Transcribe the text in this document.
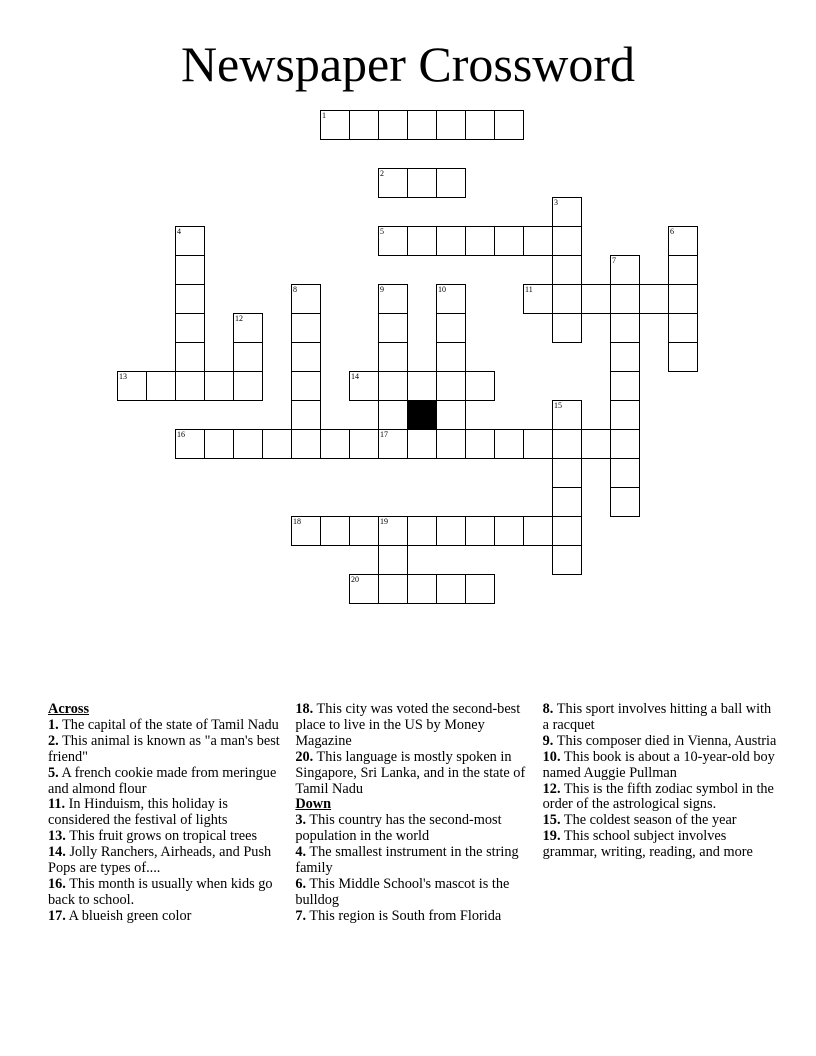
Newspaper Crossword
1
2
3
5
4	6
7
8	9	10	11
12
13	14
15
16	17
18	19
20
Across
1. The capital of the state of Tamil Nadu
2. This animal is known as "a man's best friend"
5. A french cookie made from meringue and almond flour
11. In Hinduism, this holiday is considered the festival of lights
13. This fruit grows on tropical trees
14. Jolly Ranchers, Airheads, and Push Pops are types of....
16. This month is usually when kids go back to school.
17. A blueish green color
18. This city was voted the second-best place to live in the US by Money Magazine
20. This language is mostly spoken in Singapore, Sri Lanka, and in the state of Tamil Nadu
Down
3. This country has the second-most population in the world
4. The smallest instrument in the string family
6. This Middle School's mascot is the bulldog
7. This region is South from Florida
8. This sport involves hitting a ball with a racquet
9. This composer died in Vienna, Austria
10. This book is about a 10-year-old boy named Auggie Pullman
12. This is the fifth zodiac symbol in the order of the astrological signs.
15. The coldest season of the year
19. This school subject involves grammar, writing, reading, and more
